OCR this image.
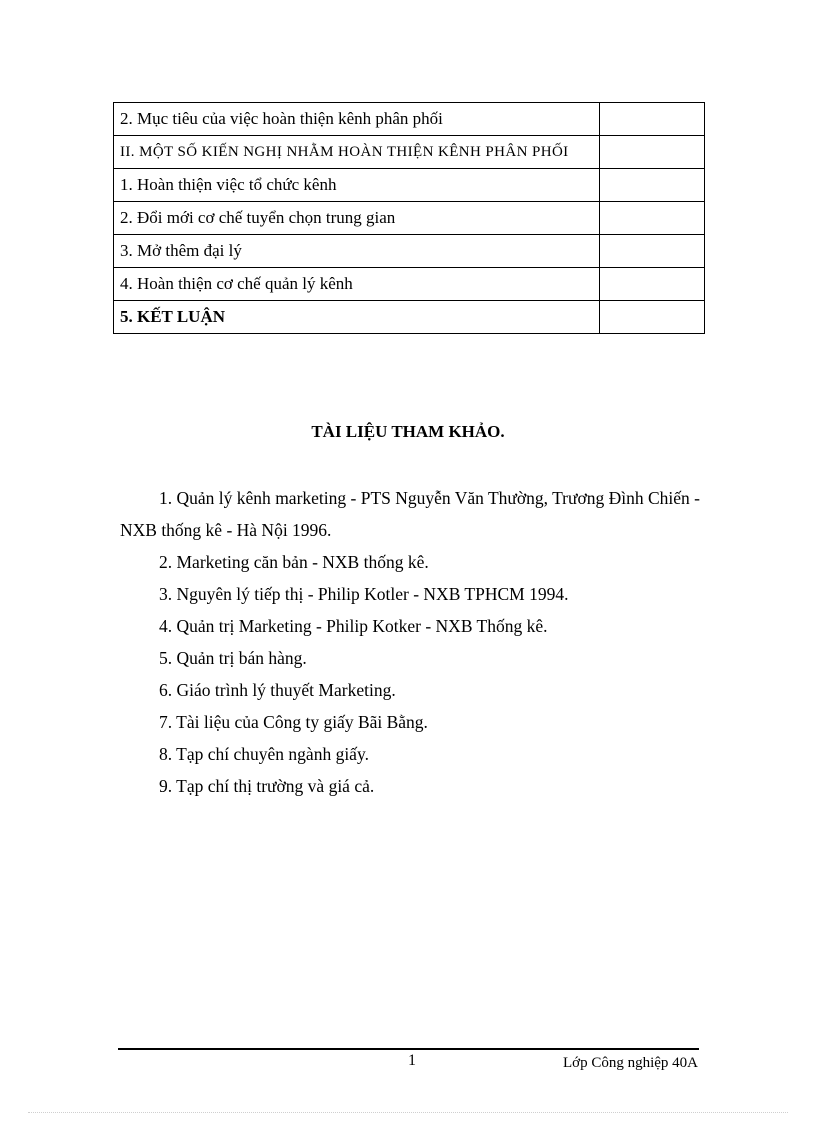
2. Mục tiêu của việc hoàn thiện kênh phân phối	
II. MỘT SỐ KIẾN NGHỊ NHẰM HOÀN THIỆN KÊNH PHÂN PHỐI	
1. Hoàn thiện việc tổ chức kênh	
2. Đổi mới cơ chế tuyển chọn trung gian	
3. Mở thêm đại lý	
4. Hoàn thiện cơ chế quản lý kênh	
5. KẾT LUẬN	
TÀI LIỆU THAM KHẢO.

1. Quản lý kênh marketing - PTS Nguyễn Văn Thường, Trương Đình Chiến - NXB thống kê - Hà Nội 1996.

2. Marketing căn bản - NXB thống kê.

3. Nguyên lý tiếp thị - Philip Kotler - NXB TPHCM 1994.

4. Quản trị Marketing - Philip Kotker - NXB Thống kê.

5. Quản trị bán hàng.

6. Giáo trình lý thuyết Marketing.

7. Tài liệu của Công ty giấy Bãi Bằng.

8. Tạp chí chuyên ngành giấy.

9. Tạp chí thị trường và giá cả.

1	Lớp Công nghiệp 40A
